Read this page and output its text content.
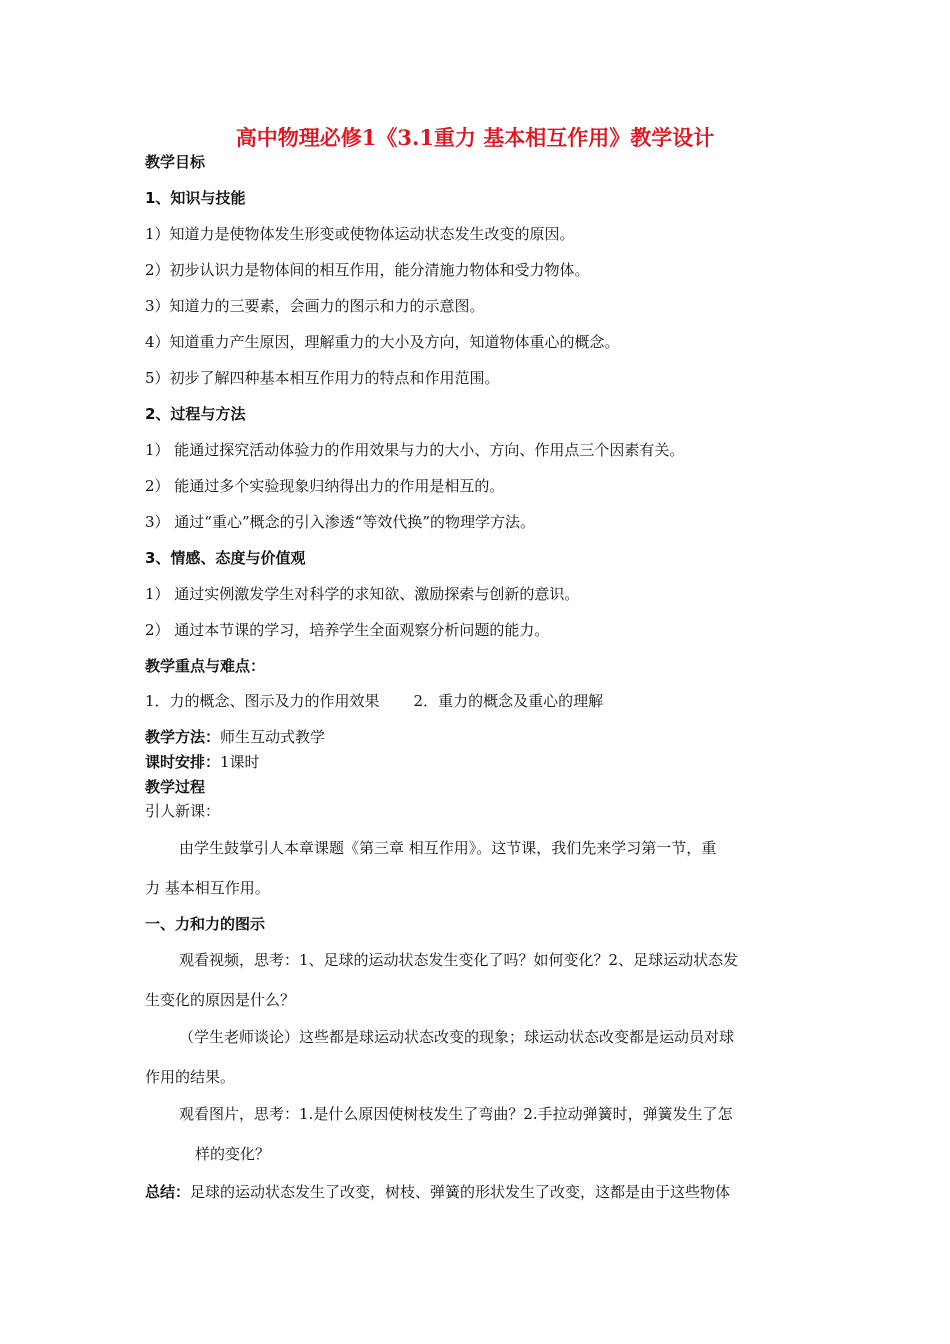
高中物理必修1《3.1重力 基本相互作用》教学设计
教学目标
1、知识与技能
1）知道力是使物体发生形变或使物体运动状态发生改变的原因。
2）初步认识力是物体间的相互作用，能分清施力物体和受力物体。
3）知道力的三要素，会画力的图示和力的示意图。
4）知道重力产生原因，理解重力的大小及方向，知道物体重心的概念。
5）初步了解四种基本相互作用力的特点和作用范围。
2、过程与方法
1） 能通过探究活动体验力的作用效果与力的大小、方向、作用点三个因素有关。
2） 能通过多个实验现象归纳得出力的作用是相互的。
3） 通过“重心”概念的引入渗透“等效代换”的物理学方法。
3、情感、态度与价值观
1） 通过实例激发学生对科学的求知欲、激励探索与创新的意识。
2） 通过本节课的学习，培养学生全面观察分析问题的能力。
教学重点与难点：
1．力的概念、图示及力的作用效果 2．重力的概念及重心的理解
教学方法：师生互动式教学
课时安排：1课时
教学过程
引人新课：
由学生鼓掌引人本章课题《第三章 相互作用》。这节课，我们先来学习第一节，重
力 基本相互作用。
一、力和力的图示
观看视频，思考：1、足球的运动状态发生变化了吗？如何变化？2、足球运动状态发
生变化的原因是什么？
（学生老师谈论）这些都是球运动状态改变的现象；球运动状态改变都是运动员对球
作用的结果。
观看图片，思考：1.是什么原因使树枝发生了弯曲？2.手拉动弹簧时，弹簧发生了怎
样的变化？
总结：足球的运动状态发生了改变，树枝、弹簧的形状发生了改变，这都是由于这些物体
